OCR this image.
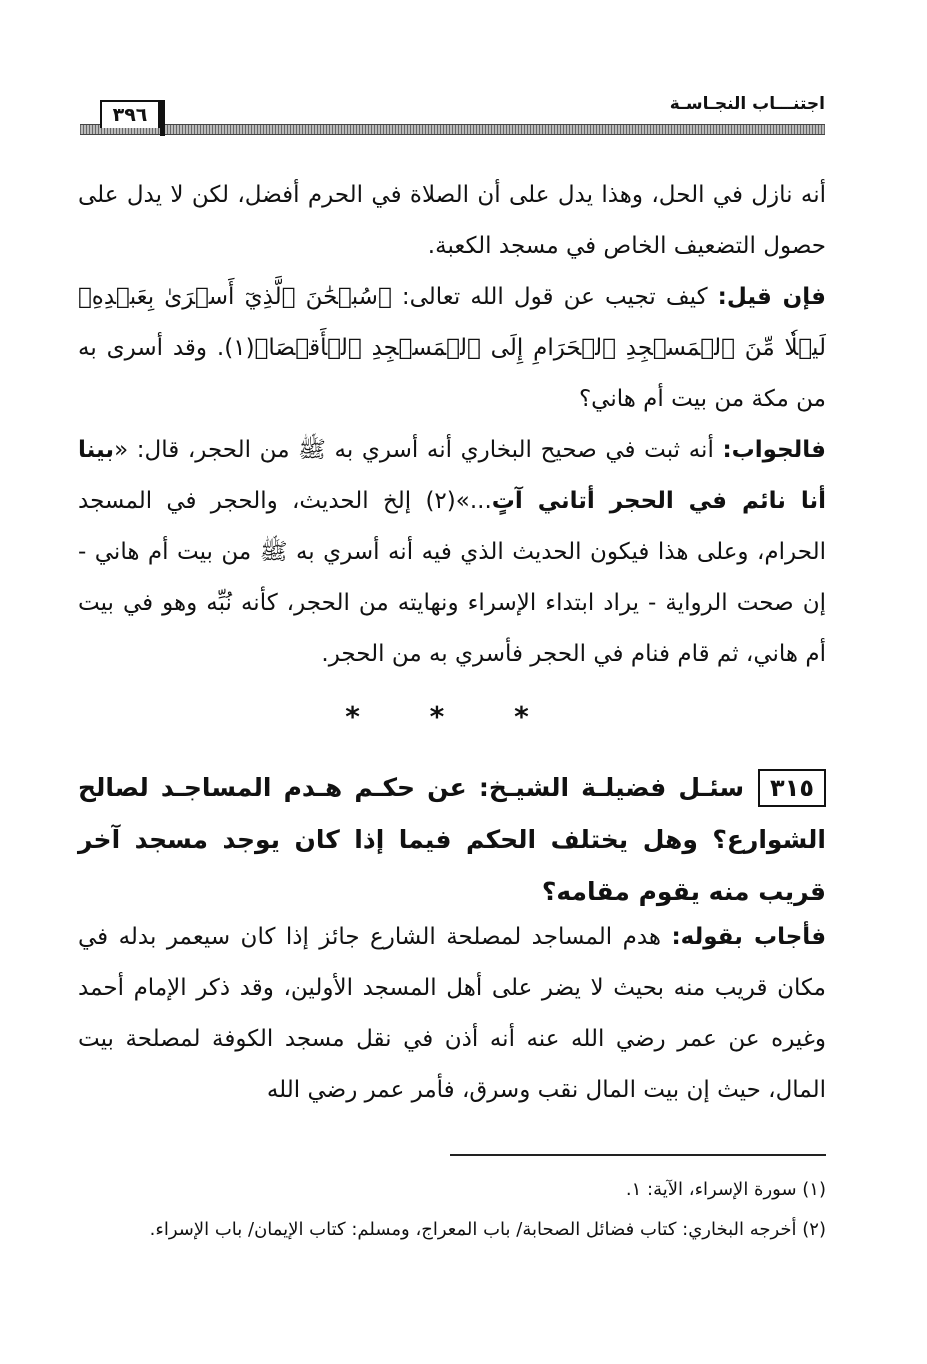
اجتنـــاب النجـاسـة
٣٩٦

أنه نازل في الحل، وهذا يدل على أن الصلاة في الحرم أفضل، لكن لا يدل على حصول التضعيف الخاص في مسجد الكعبة.

فإن قيل: كيف تجيب عن قول الله تعالى: ﴿سُبۡحَٰنَ ٱلَّذِيٓ أَسۡرَىٰ بِعَبۡدِهِۦ لَيۡلٗا مِّنَ ٱلۡمَسۡجِدِ ٱلۡحَرَامِ إِلَى ٱلۡمَسۡجِدِ ٱلۡأَقۡصَا﴾(١). وقد أسرى به من مكة من بيت أم هاني؟

فالجواب: أنه ثبت في صحيح البخاري أنه أسري به ﷺ من الحجر، قال: «بينا أنا نائم في الحجر أتاني آتٍ...»(٢) إلخ الحديث، والحجر في المسجد الحرام، وعلى هذا فيكون الحديث الذي فيه أنه أسري به ﷺ من بيت أم هاني - إن صحت الرواية - يراد ابتداء الإسراء ونهايته من الحجر، كأنه نُبِّه وهو في بيت أم هاني، ثم قام فنام في الحجر فأسري به من الحجر.

* * *
٣١٥سئـل فضيلـة الشيـخ: عن حكـم هـدم المساجـد لصالح الشوارع؟ وهل يختلف الحكم فيما إذا كان يوجد مسجد آخر قريب منه يقوم مقامه؟
فأجاب بقوله: هدم المساجد لمصلحة الشارع جائز إذا كان سيعمر بدله في مكان قريب منه بحيث لا يضر على أهل المسجد الأولين، وقد ذكر الإمام أحمد وغيره عن عمر رضي الله عنه أنه أذن في نقل مسجد الكوفة لمصلحة بيت المال، حيث إن بيت المال نقب وسرق، فأمر عمر رضي الله

(١) سورة الإسراء، الآية: ١.

(٢) أخرجه البخاري: كتاب فضائل الصحابة/ باب المعراج، ومسلم: كتاب الإيمان/ باب الإسراء.
